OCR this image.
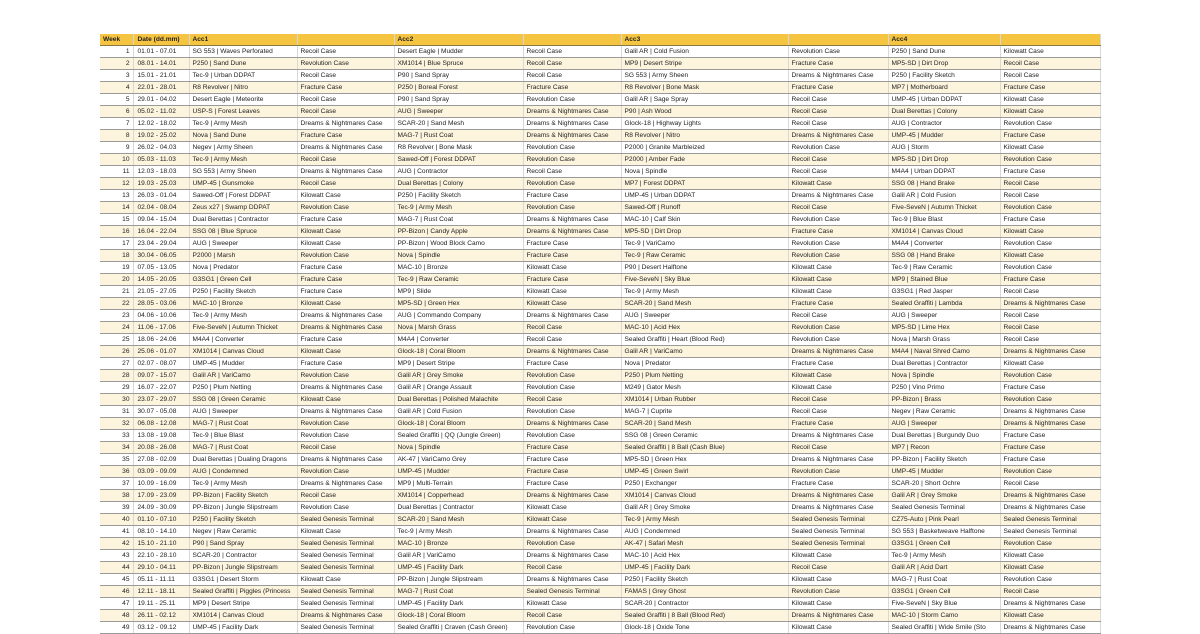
Week	Date (dd.mm)	Acc1		Acc2		Acc3		Acc4	
1	01.01 - 07.01	SG 553 | Waves Perforated	Recoil Case	Desert Eagle | Mudder	Recoil Case	Galil AR | Cold Fusion	Revolution Case	P250 | Sand Dune	Kilowatt Case
2	08.01 - 14.01	P250 | Sand Dune	Revolution Case	XM1014 | Blue Spruce	Recoil Case	MP9 | Desert Stripe	Fracture Case	MP5-SD | Dirt Drop	Recoil Case
3	15.01 - 21.01	Tec-9 | Urban DDPAT	Recoil Case	P90 | Sand Spray	Recoil Case	SG 553 | Army Sheen	Dreams & Nightmares Case	P250 | Facility Sketch	Recoil Case
4	22.01 - 28.01	R8 Revolver | Nitro	Fracture Case	P250 | Boreal Forest	Fracture Case	R8 Revolver | Bone Mask	Fracture Case	MP7 | Motherboard	Fracture Case
5	29.01 - 04.02	Desert Eagle | Meteorite	Recoil Case	P90 | Sand Spray	Revolution Case	Galil AR | Sage Spray	Recoil Case	UMP-45 | Urban DDPAT	Kilowatt Case
6	05.02 - 11.02	USP-S | Forest Leaves	Recoil Case	AUG | Sweeper	Dreams & Nightmares Case	P90 | Ash Wood	Recoil Case	Dual Berettas | Colony	Kilowatt Case
7	12.02 - 18.02	Tec-9 | Army Mesh	Dreams & Nightmares Case	SCAR-20 | Sand Mesh	Dreams & Nightmares Case	Glock-18 | Highway Lights	Recoil Case	AUG | Contractor	Revolution Case
8	19.02 - 25.02	Nova | Sand Dune	Fracture Case	MAG-7 | Rust Coat	Dreams & Nightmares Case	R8 Revolver | Nitro	Dreams & Nightmares Case	UMP-45 | Mudder	Fracture Case
9	26.02 - 04.03	Negev | Army Sheen	Dreams & Nightmares Case	R8 Revolver | Bone Mask	Revolution Case	P2000 | Granite Marbleized	Revolution Case	AUG | Storm	Kilowatt Case
10	05.03 - 11.03	Tec-9 | Army Mesh	Recoil Case	Sawed-Off | Forest DDPAT	Revolution Case	P2000 | Amber Fade	Recoil Case	MP5-SD | Dirt Drop	Revolution Case
11	12.03 - 18.03	SG 553 | Army Sheen	Dreams & Nightmares Case	AUG | Contractor	Recoil Case	Nova | Spindle	Recoil Case	M4A4 | Urban DDPAT	Fracture Case
12	19.03 - 25.03	UMP-45 | Gunsmoke	Recoil Case	Dual Berettas | Colony	Revolution Case	MP7 | Forest DDPAT	Kilowatt Case	SSG 08 | Hand Brake	Recoil Case
13	26.03 - 01.04	Sawed-Off | Forest DDPAT	Kilowatt Case	P250 | Facility Sketch	Fracture Case	UMP-45 | Urban DDPAT	Dreams & Nightmares Case	Galil AR | Cold Fusion	Recoil Case
14	02.04 - 08.04	Zeus x27 | Swamp DDPAT	Revolution Case	Tec-9 | Army Mesh	Revolution Case	Sawed-Off | Runoff	Recoil Case	Five-SeveN | Autumn Thicket	Revolution Case
15	09.04 - 15.04	Dual Berettas | Contractor	Fracture Case	MAG-7 | Rust Coat	Dreams & Nightmares Case	MAC-10 | Calf Skin	Revolution Case	Tec-9 | Blue Blast	Fracture Case
16	16.04 - 22.04	SSG 08 | Blue Spruce	Kilowatt Case	PP-Bizon | Candy Apple	Dreams & Nightmares Case	MP5-SD | Dirt Drop	Fracture Case	XM1014 | Canvas Cloud	Kilowatt Case
17	23.04 - 29.04	AUG | Sweeper	Kilowatt Case	PP-Bizon | Wood Block Camo	Fracture Case	Tec-9 | VariCamo	Revolution Case	M4A4 | Converter	Revolution Case
18	30.04 - 06.05	P2000 | Marsh	Revolution Case	Nova | Spindle	Fracture Case	Tec-9 | Raw Ceramic	Revolution Case	SSG 08 | Hand Brake	Kilowatt Case
19	07.05 - 13.05	Nova | Predator	Fracture Case	MAC-10 | Bronze	Kilowatt Case	P90 | Desert Halftone	Kilowatt Case	Tec-9 | Raw Ceramic	Revolution Case
20	14.05 - 20.05	G3SG1 | Green Cell	Fracture Case	Tec-9 | Raw Ceramic	Fracture Case	Five-SeveN | Sky Blue	Kilowatt Case	MP9 | Stained Blue	Fracture Case
21	21.05 - 27.05	P250 | Facility Sketch	Fracture Case	MP9 | Slide	Kilowatt Case	Tec-9 | Army Mesh	Kilowatt Case	G3SG1 | Red Jasper	Recoil Case
22	28.05 - 03.06	MAC-10 | Bronze	Kilowatt Case	MP5-SD | Green Hex	Kilowatt Case	SCAR-20 | Sand Mesh	Fracture Case	Sealed Graffiti | Lambda	Dreams & Nightmares Case
23	04.06 - 10.06	Tec-9 | Army Mesh	Dreams & Nightmares Case	AUG | Commando Company	Dreams & Nightmares Case	AUG | Sweeper	Recoil Case	AUG | Sweeper	Recoil Case
24	11.06 - 17.06	Five-SeveN | Autumn Thicket	Dreams & Nightmares Case	Nova | Marsh Grass	Recoil Case	MAC-10 | Acid Hex	Revolution Case	MP5-SD | Lime Hex	Recoil Case
25	18.06 - 24.06	M4A4 | Converter	Fracture Case	M4A4 | Converter	Recoil Case	Sealed Graffiti | Heart (Blood Red)	Revolution Case	Nova | Marsh Grass	Recoil Case
26	25.06 - 01.07	XM1014 | Canvas Cloud	Kilowatt Case	Glock-18 | Coral Bloom	Dreams & Nightmares Case	Galil AR | VariCamo	Dreams & Nightmares Case	M4A4 | Naval Shred Camo	Dreams & Nightmares Case
27	02.07 - 08.07	UMP-45 | Mudder	Fracture Case	MP9 | Desert Stripe	Fracture Case	Nova | Predator	Fracture Case	Dual Berettas | Contractor	Kilowatt Case
28	09.07 - 15.07	Galil AR | VariCamo	Revolution Case	Galil AR | Grey Smoke	Revolution Case	P250 | Plum Netting	Kilowatt Case	Nova | Spindle	Revolution Case
29	16.07 - 22.07	P250 | Plum Netting	Dreams & Nightmares Case	Galil AR | Orange Assault	Revolution Case	M249 | Gator Mesh	Kilowatt Case	P250 | Vino Primo	Fracture Case
30	23.07 - 29.07	SSG 08 | Green Ceramic	Kilowatt Case	Dual Berettas | Polished Malachite	Recoil Case	XM1014 | Urban Rubber	Recoil Case	PP-Bizon | Brass	Revolution Case
31	30.07 - 05.08	AUG | Sweeper	Dreams & Nightmares Case	Galil AR | Cold Fusion	Revolution Case	MAG-7 | Cuprite	Recoil Case	Negev | Raw Ceramic	Dreams & Nightmares Case
32	06.08 - 12.08	MAG-7 | Rust Coat	Revolution Case	Glock-18 | Coral Bloom	Dreams & Nightmares Case	SCAR-20 | Sand Mesh	Fracture Case	AUG | Sweeper	Dreams & Nightmares Case
33	13.08 - 19.08	Tec-9 | Blue Blast	Revolution Case	Sealed Graffiti | QQ (Jungle Green)	Revolution Case	SSG 08 | Green Ceramic	Dreams & Nightmares Case	Dual Berettas | Burgundy Duo	Fracture Case
34	20.08 - 26.08	MAG-7 | Rust Coat	Recoil Case	Nova | Spindle	Fracture Case	Sealed Graffiti | 8 Ball (Cash Blue)	Recoil Case	MP7 | Recon	Fracture Case
35	27.08 - 02.09	Dual Berettas | Dualing Dragons	Dreams & Nightmares Case	AK-47 | VariCamo Grey	Fracture Case	MP5-SD | Green Hex	Dreams & Nightmares Case	PP-Bizon | Facility Sketch	Fracture Case
36	03.09 - 09.09	AUG | Condemned	Revolution Case	UMP-45 | Mudder	Fracture Case	UMP-45 | Green Swirl	Revolution Case	UMP-45 | Mudder	Revolution Case
37	10.09 - 16.09	Tec-9 | Army Mesh	Dreams & Nightmares Case	MP9 | Multi-Terrain	Fracture Case	P250 | Exchanger	Fracture Case	SCAR-20 | Short Ochre	Recoil Case
38	17.09 - 23.09	PP-Bizon | Facility Sketch	Recoil Case	XM1014 | Copperhead	Dreams & Nightmares Case	XM1014 | Canvas Cloud	Dreams & Nightmares Case	Galil AR | Grey Smoke	Dreams & Nightmares Case
39	24.09 - 30.09	PP-Bizon | Jungle Slipstream	Revolution Case	Dual Berettas | Contractor	Kilowatt Case	Galil AR | Grey Smoke	Dreams & Nightmares Case	Sealed Genesis Terminal	Dreams & Nightmares Case
40	01.10 - 07.10	P250 | Facility Sketch	Sealed Genesis Terminal	SCAR-20 | Sand Mesh	Kilowatt Case	Tec-9 | Army Mesh	Sealed Genesis Terminal	CZ75-Auto | Pink Pearl	Sealed Genesis Terminal
41	08.10 - 14.10	Negev | Raw Ceramic	Kilowatt Case	Tec-9 | Army Mesh	Dreams & Nightmares Case	AUG | Condemned	Sealed Genesis Terminal	SG 553 | Basketweave Halftone	Sealed Genesis Terminal
42	15.10 - 21.10	P90 | Sand Spray	Sealed Genesis Terminal	MAC-10 | Bronze	Revolution Case	AK-47 | Safari Mesh	Sealed Genesis Terminal	G3SG1 | Green Cell	Revolution Case
43	22.10 - 28.10	SCAR-20 | Contractor	Sealed Genesis Terminal	Galil AR | VariCamo	Dreams & Nightmares Case	MAC-10 | Acid Hex	Kilowatt Case	Tec-9 | Army Mesh	Kilowatt Case
44	29.10 - 04.11	PP-Bizon | Jungle Slipstream	Sealed Genesis Terminal	UMP-45 | Facility Dark	Recoil Case	UMP-45 | Facility Dark	Recoil Case	Galil AR | Acid Dart	Kilowatt Case
45	05.11 - 11.11	G3SG1 | Desert Storm	Kilowatt Case	PP-Bizon | Jungle Slipstream	Dreams & Nightmares Case	P250 | Facility Sketch	Kilowatt Case	MAG-7 | Rust Coat	Revolution Case
46	12.11 - 18.11	Sealed Graffiti | Piggles (Princess	Sealed Genesis Terminal	MAG-7 | Rust Coat	Sealed Genesis Terminal	FAMAS | Grey Ghost	Revolution Case	G3SG1 | Green Cell	Recoil Case
47	19.11 - 25.11	MP9 | Desert Stripe	Sealed Genesis Terminal	UMP-45 | Facility Dark	Kilowatt Case	SCAR-20 | Contractor	Kilowatt Case	Five-SeveN | Sky Blue	Dreams & Nightmares Case
48	26.11 - 02.12	XM1014 | Canvas Cloud	Dreams & Nightmares Case	Glock-18 | Coral Bloom	Recoil Case	Sealed Graffiti | 8 Ball (Blood Red)	Dreams & Nightmares Case	MAC-10 | Storm Camo	Kilowatt Case
49	03.12 - 09.12	UMP-45 | Facility Dark	Sealed Genesis Terminal	Sealed Graffiti | Craven (Cash Green)	Revolution Case	Glock-18 | Oxide Tone	Kilowatt Case	Sealed Graffiti | Wide Smile (Sto	Dreams & Nightmares Case
